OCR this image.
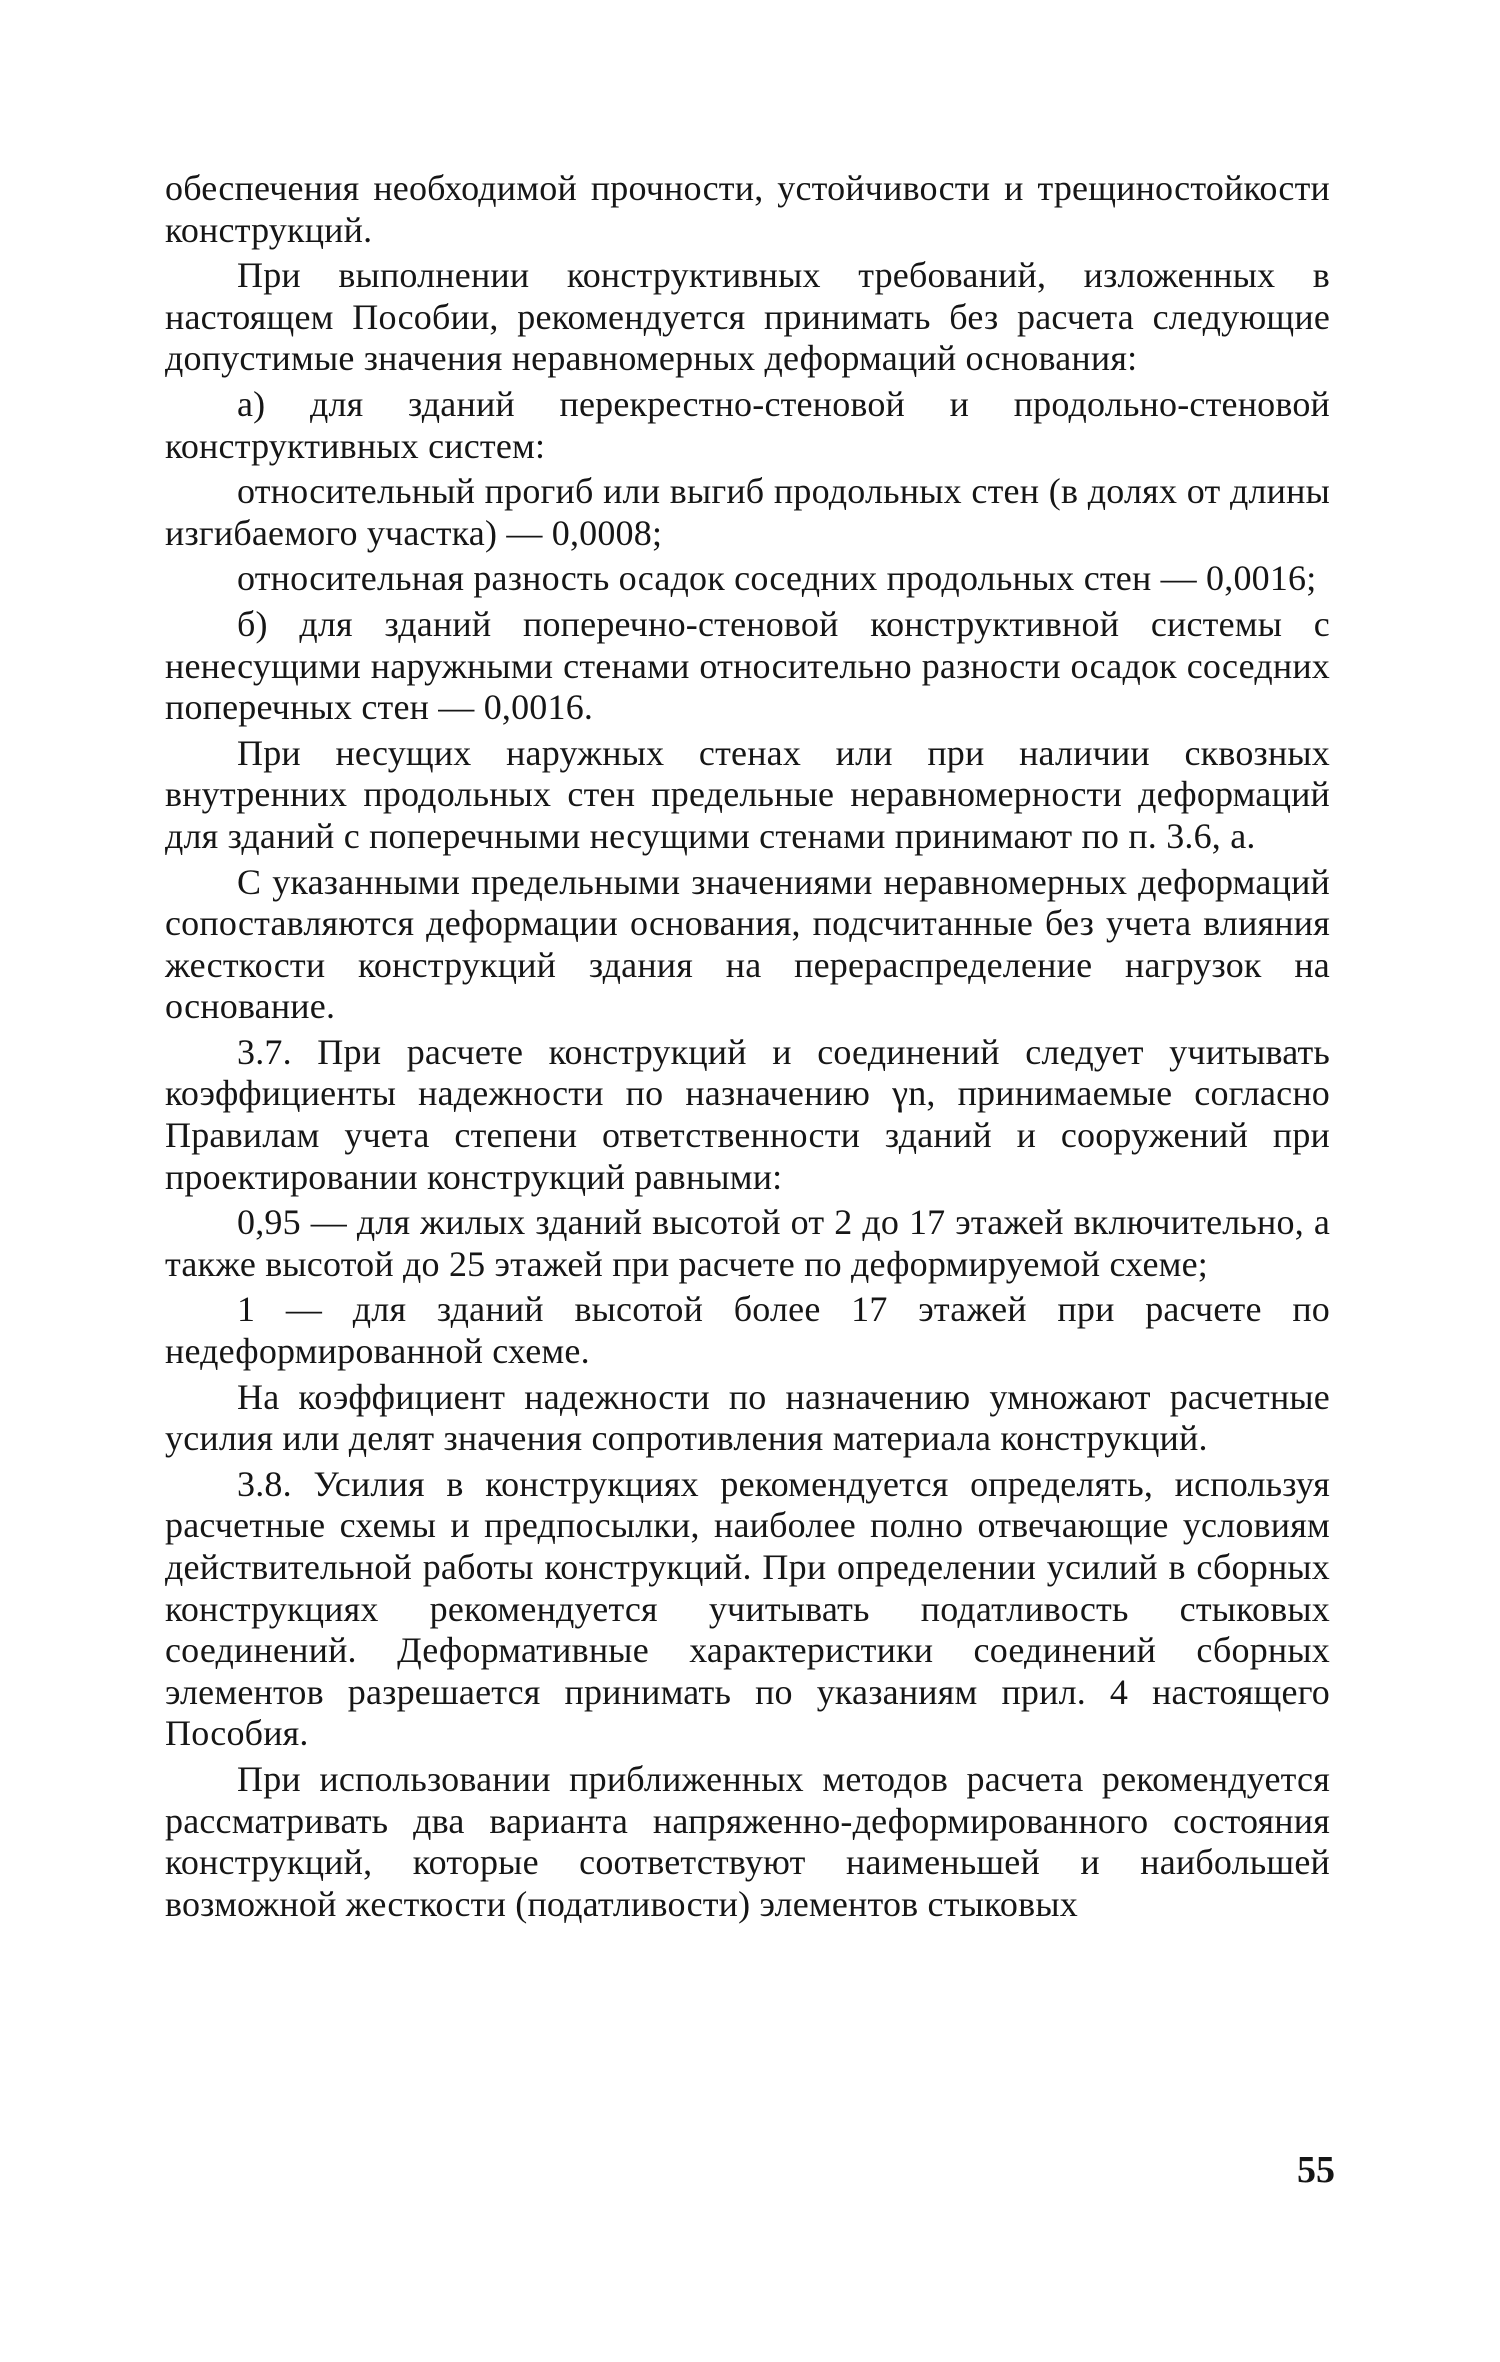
обеспечения необходимой прочности, устойчивости и трещиностойкости конструкций.

При выполнении конструктивных требований, изложенных в настоящем Пособии, рекомендуется принимать без расчета следующие допустимые значения неравномерных деформаций основания:

а) для зданий перекрестно-стеновой и продольно-стеновой конструктивных систем:

относительный прогиб или выгиб продольных стен (в долях от длины изгибаемого участка) — 0,0008;

относительная разность осадок соседних продольных стен — 0,0016;

б) для зданий поперечно-стеновой конструктивной системы с ненесущими наружными стенами относительно разности осадок соседних поперечных стен — 0,0016.

При несущих наружных стенах или при наличии сквозных внутренних продольных стен предельные неравномерности деформаций для зданий с поперечными несущими стенами принимают по п. 3.6, а.

С указанными предельными значениями неравномерных деформаций сопоставляются деформации основания, подсчитанные без учета влияния жесткости конструкций здания на перераспределение нагрузок на основание.

3.7. При расчете конструкций и соединений следует учитывать коэффициенты надежности по назначению γn, принимаемые согласно Правилам учета степени ответственности зданий и сооружений при проектировании конструкций равными:

0,95 — для жилых зданий высотой от 2 до 17 этажей включительно, а также высотой до 25 этажей при расчете по деформируемой схеме;

1 — для зданий высотой более 17 этажей при расчете по недеформированной схеме.

На коэффициент надежности по назначению умножают расчетные усилия или делят значения сопротивления материала конструкций.

3.8. Усилия в конструкциях рекомендуется определять, используя расчетные схемы и предпосылки, наиболее полно отвечающие условиям действительной работы конструкций. При определении усилий в сборных конструкциях рекомендуется учитывать податливость стыковых соединений. Деформативные характеристики соединений сборных элементов разрешается принимать по указаниям прил. 4 настоящего Пособия.

При использовании приближенных методов расчета рекомендуется рассматривать два варианта напряженно-деформированного состояния конструкций, которые соответствуют наименьшей и наибольшей возможной жесткости (податливости) элементов стыковых

55
